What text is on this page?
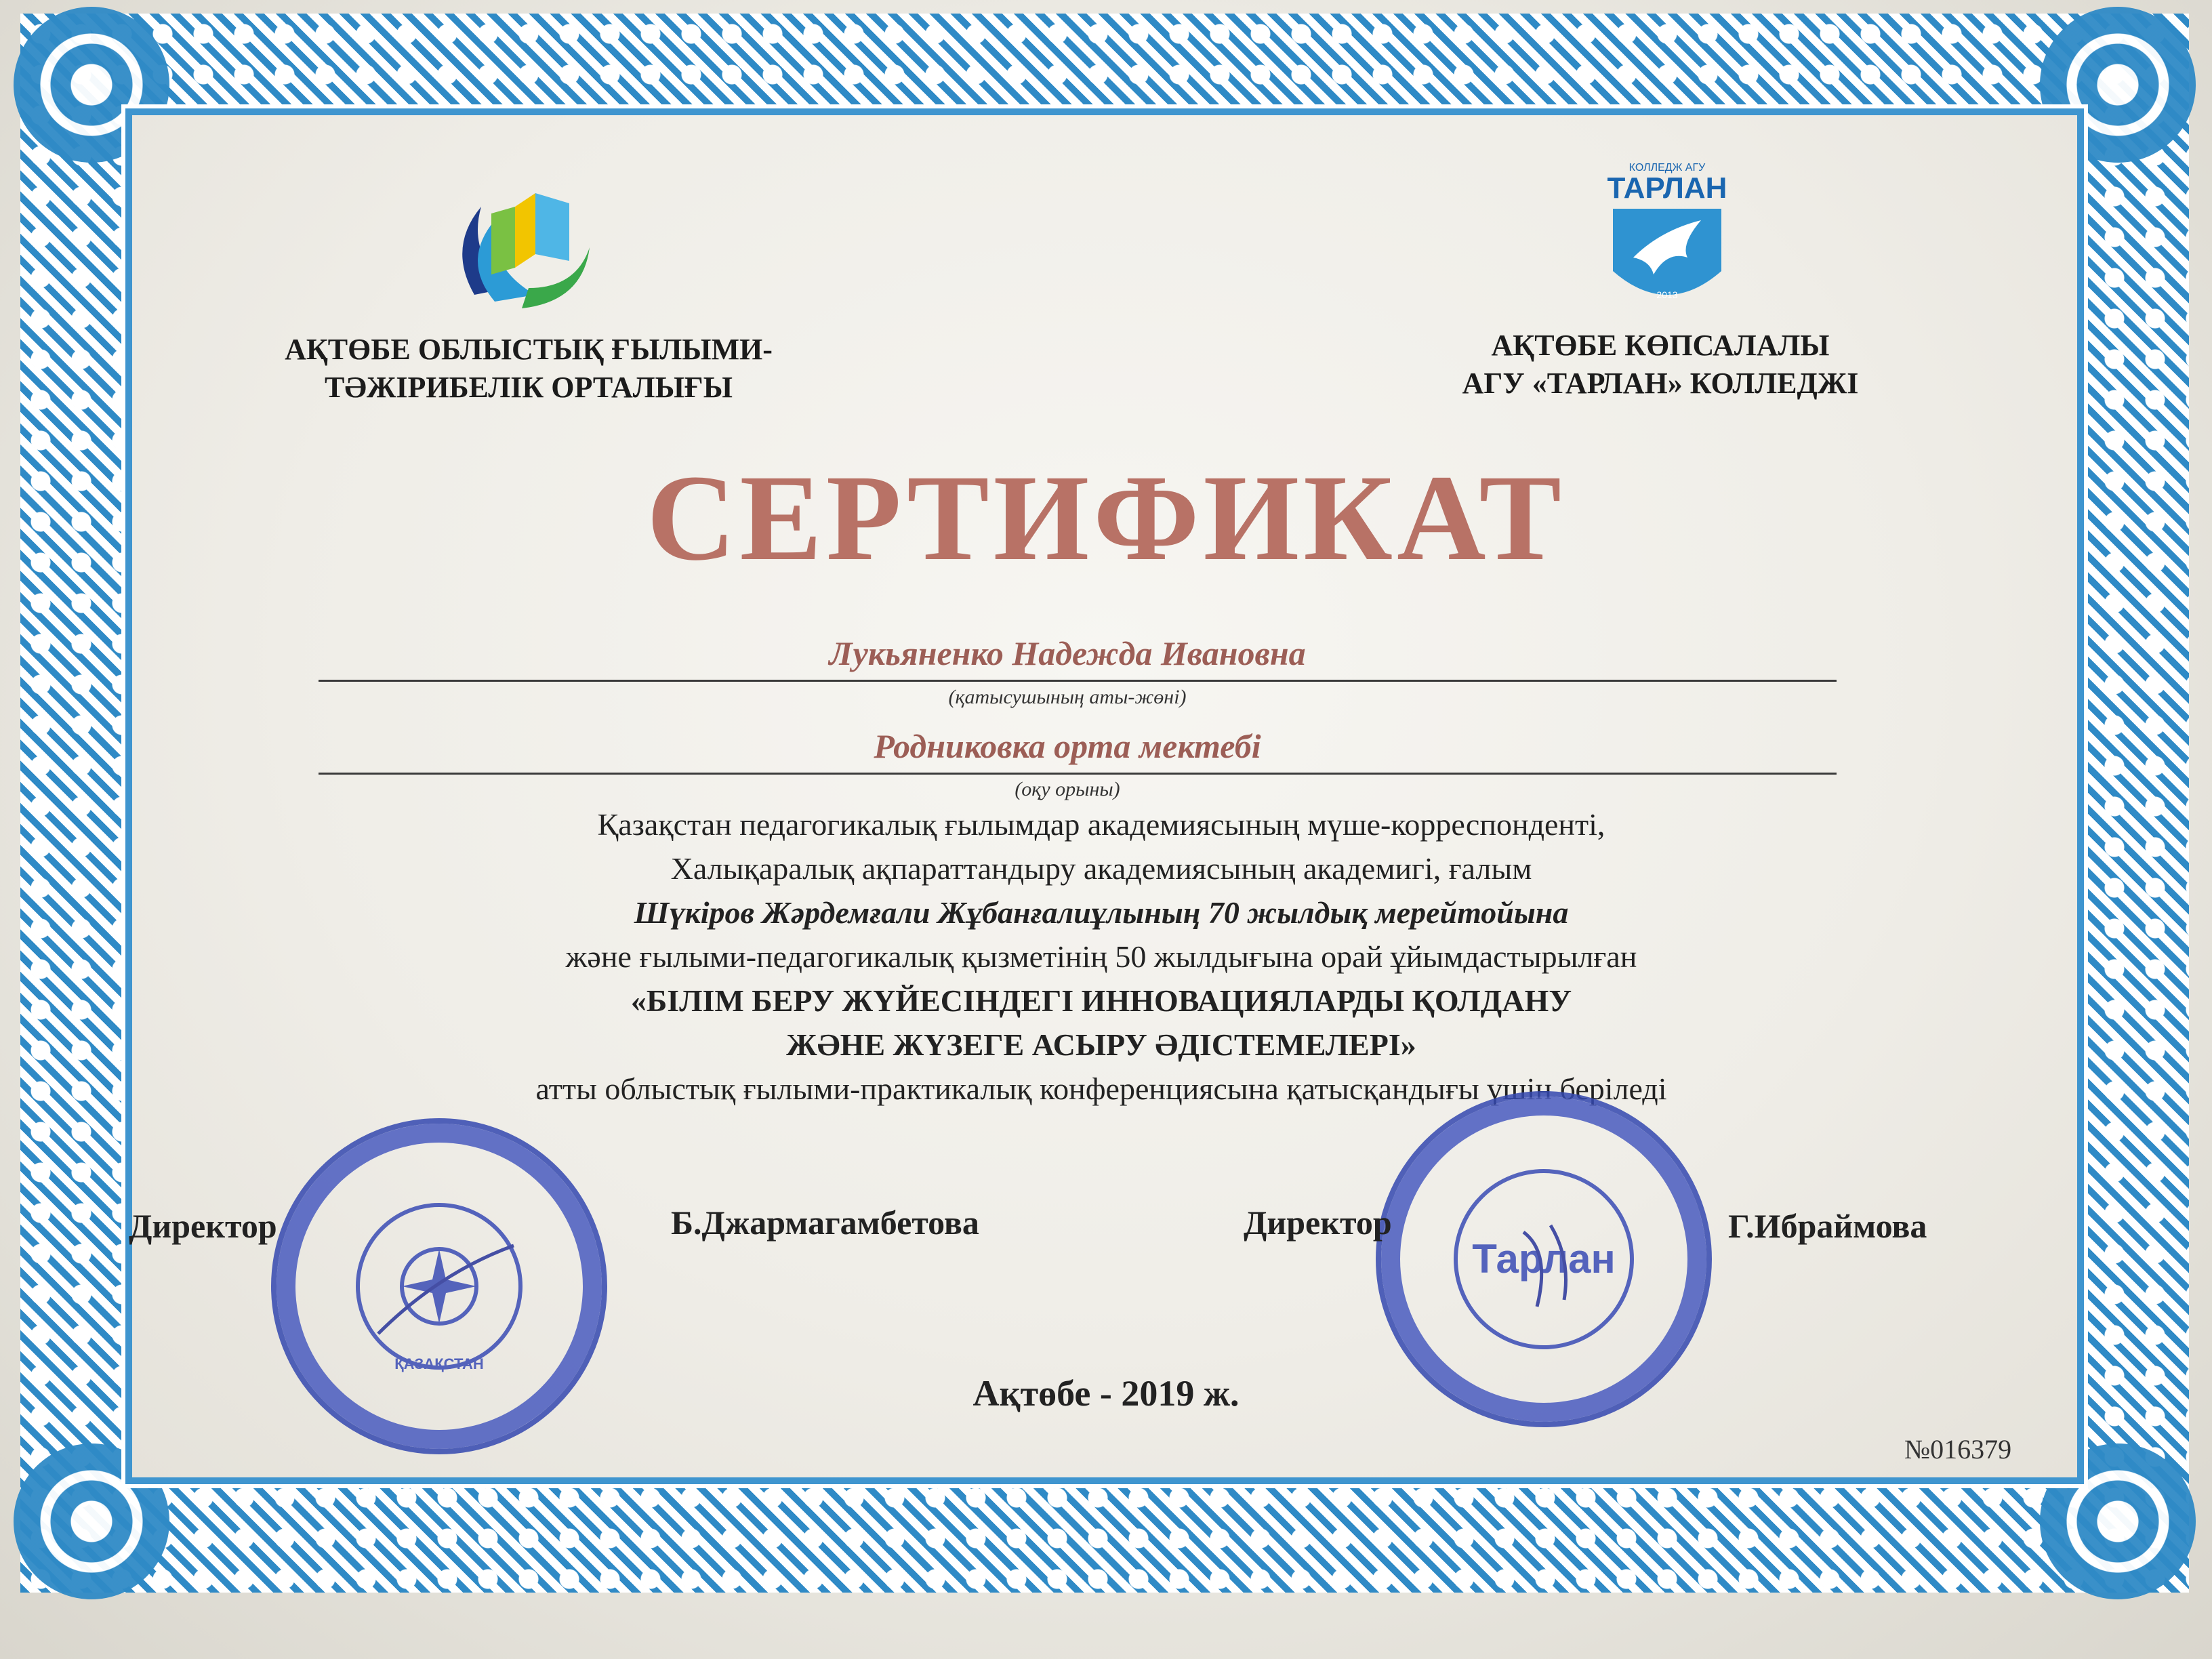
АҚТӨБЕ ОБЛЫСТЫҚ ҒЫЛЫМИ-
ТӘЖІРИБЕЛІК ОРТАЛЫҒЫ
КОЛЛЕДЖ АГУ
ТАРЛАН
2013
АҚТӨБЕ КӨПСАЛАЛЫ
АГУ «ТАРЛАН» КОЛЛЕДЖІ
СЕРТИФИКАТ
Лукьяненко Надежда Ивановна
(қатысушының аты-жөні)
Родниковка орта мектебі
(оқу орыны)
Қазақстан педагогикалық ғылымдар академиясының мүше-корреспонденті,
Халықаралық ақпараттандыру академиясының академигі, ғалым
Шүкіров Жәрдемғали Жұбанғалиұлының 70 жылдық мерейтойына
және ғылыми-педагогикалық қызметінің 50 жылдығына орай ұйымдастырылған
«БІЛІМ БЕРУ ЖҮЙЕСІНДЕГІ ИННОВАЦИЯЛАРДЫ ҚОЛДАНУ
ЖӘНЕ ЖҮЗЕГЕ АСЫРУ ӘДІСТЕМЕЛЕРІ»
атты облыстық ғылыми-практикалық конференциясына қатысқандығы үшін беріледі
ҚАЗАҚСТАН
Тарлан
Директор	Б.Джармагамбетова	Директор	Г.Ибраймова
Ақтөбе - 2019 ж.
№016379
